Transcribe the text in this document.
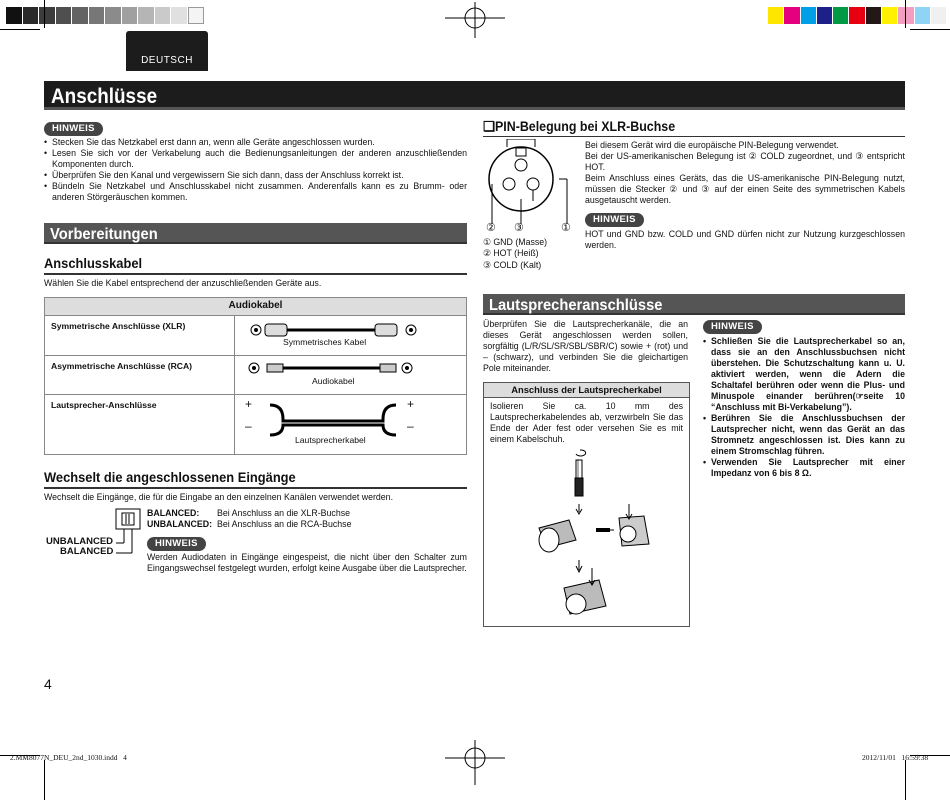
DEUTSCH
Anschlüsse
HINWEIS
• Stecken Sie das Netzkabel erst dann an, wenn alle Geräte angeschlossen wurden.
• Lesen Sie sich vor der Verkabelung auch die Bedienungsanleitungen der anderen anzuschließenden Komponenten durch.
• Überprüfen Sie den Kanal und vergewissern Sie sich dann, dass der Anschluss korrekt ist.
• Bündeln Sie Netzkabel und Anschlusskabel nicht zusammen. Anderenfalls kann es zu Brumm- oder anderen Störgeräuschen kommen.
Vorbereitungen
Anschlusskabel
Wählen Sie die Kabel entsprechend der anzuschließenden Geräte aus.
Audiokabel	
Symmetrische Anschlüsse (XLR)	Symmetrisches Kabel

Asymmetrische Anschlüsse (RCA)	Audiokabel

Lautsprecher-Anschlüsse	+
–
+
–
Lautsprecherkabel
Wechselt die angeschlossenen Eingänge
Wechselt die Eingänge, die für die Eingabe an den einzelnen Kanälen verwendet werden.
UNBALANCED
BALANCED
BALANCED: Bei Anschluss an die XLR-Buchse
UNBALANCED: Bei Anschluss an die RCA-Buchse
HINWEIS
Werden Audiodaten in Eingänge eingespeist, die nicht über den Schalter zum Eingangswechsel festgelegt wurden, erfolgt keine Ausgabe über die Lautsprecher.
❏PIN-Belegung bei XLR-Buchse
② ③	①
① GND (Masse)
② HOT (Heiß)
③ COLD (Kalt)
Bei diesem Gerät wird die europäische PIN-Belegung verwendet.
Bei der US-amerikanischen Belegung ist ② COLD zugeordnet, und ③ entspricht HOT.
Beim Anschluss eines Geräts, das die US-amerikanische PIN-Belegung nutzt, müssen die Stecker ② und ③ auf der einen Seite des symmetrischen Kabels ausgetauscht werden.
HINWEIS
HOT und GND bzw. COLD und GND dürfen nicht zur Nutzung kurzgeschlossen werden.
Lautsprecheranschlüsse
Überprüfen Sie die Lautsprecherkanäle, die an dieses Gerät angeschlossen werden sollen, sorgfältig (L/R/SL/SR/SBL/SBR/C) sowie + (rot) und – (schwarz), und verbinden Sie die gleichartigen Pole miteinander.
Anschluss der Lautsprecherkabel
Isolieren Sie ca. 10 mm des Lautsprecherkabelendes ab, verzwirbeln Sie das Ende der Ader fest oder versehen Sie es mit einem Kabelschuh.
HINWEIS
• Schließen Sie die Lautsprecherkabel so an, dass sie an den Anschlussbuchsen nicht überstehen. Die Schutzschaltung kann u. U. aktiviert werden, wenn die Adern die Schaltafel berühren oder wenn die Plus- und Minuspole einander berühren(☞seite 10 “Anschluss mit Bi-Verkabelung”).
• Berühren Sie die Anschlussbuchsen der Lautsprecher nicht, wenn das Gerät an das Stromnetz angeschlossen ist. Dies kann zu einem Stromschlag führen.
• Verwenden Sie Lautsprecher mit einer Impedanz von 6 bis 8 Ω.
4
2.MM8077N_DEU_2nd_1030.indd   4	2012/11/01   16:59:38
